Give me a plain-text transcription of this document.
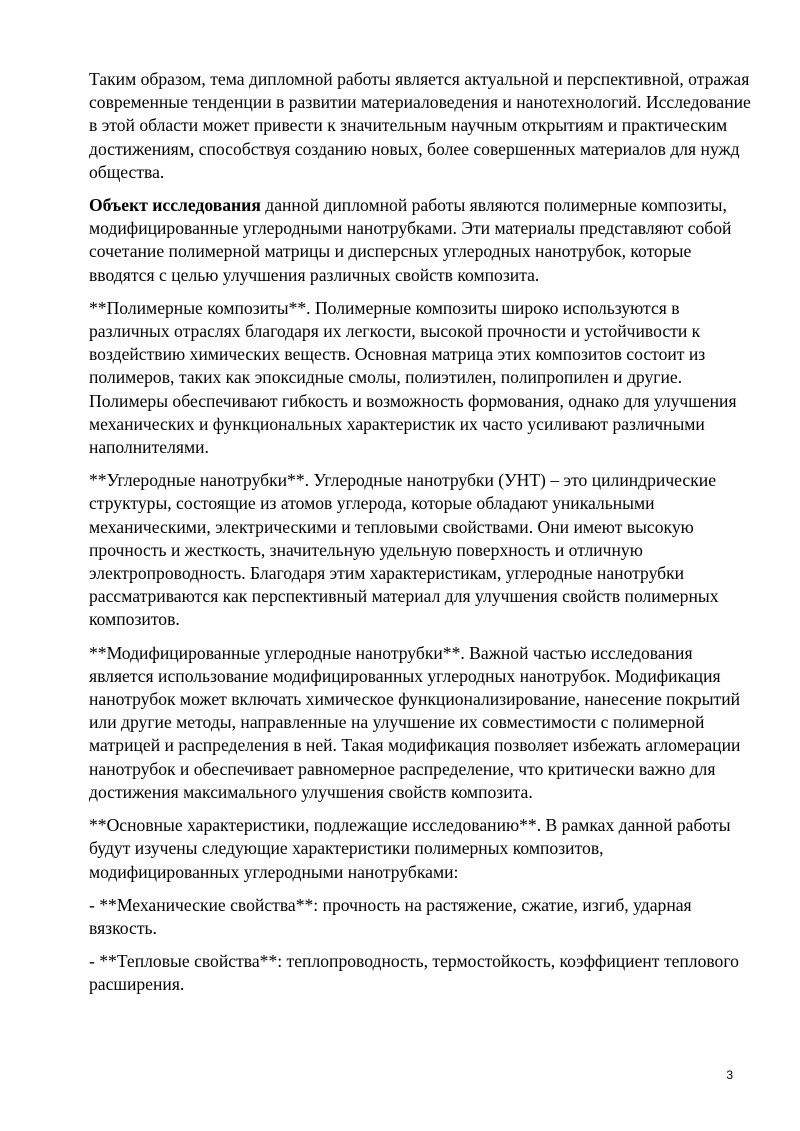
Таким образом, тема дипломной работы является актуальной и перспективной, отражая современные тенденции в развитии материаловедения и нанотехнологий. Исследование в этой области может привести к значительным научным открытиям и практическим достижениям, способствуя созданию новых, более совершенных материалов для нужд общества.

Объект исследования данной дипломной работы являются полимерные композиты, модифицированные углеродными нанотрубками. Эти материалы представляют собой сочетание полимерной матрицы и дисперсных углеродных нанотрубок, которые вводятся с целью улучшения различных свойств композита.

**Полимерные композиты**. Полимерные композиты широко используются в различных отраслях благодаря их легкости, высокой прочности и устойчивости к воздействию химических веществ. Основная матрица этих композитов состоит из полимеров, таких как эпоксидные смолы, полиэтилен, полипропилен и другие. Полимеры обеспечивают гибкость и возможность формования, однако для улучшения механических и функциональных характеристик их часто усиливают различными наполнителями.

**Углеродные нанотрубки**. Углеродные нанотрубки (УНТ) – это цилиндрические структуры, состоящие из атомов углерода, которые обладают уникальными механическими, электрическими и тепловыми свойствами. Они имеют высокую прочность и жесткость, значительную удельную поверхность и отличную электропроводность. Благодаря этим характеристикам, углеродные нанотрубки рассматриваются как перспективный материал для улучшения свойств полимерных композитов.

**Модифицированные углеродные нанотрубки**. Важной частью исследования является использование модифицированных углеродных нанотрубок. Модификация нанотрубок может включать химическое функционализирование, нанесение покрытий или другие методы, направленные на улучшение их совместимости с полимерной матрицей и распределения в ней. Такая модификация позволяет избежать агломерации нанотрубок и обеспечивает равномерное распределение, что критически важно для достижения максимального улучшения свойств композита.

**Основные характеристики, подлежащие исследованию**. В рамках данной работы будут изучены следующие характеристики полимерных композитов, модифицированных углеродными нанотрубками:

- **Механические свойства**: прочность на растяжение, сжатие, изгиб, ударная вязкость.

- **Тепловые свойства**: теплопроводность, термостойкость, коэффициент теплового расширения.

3
